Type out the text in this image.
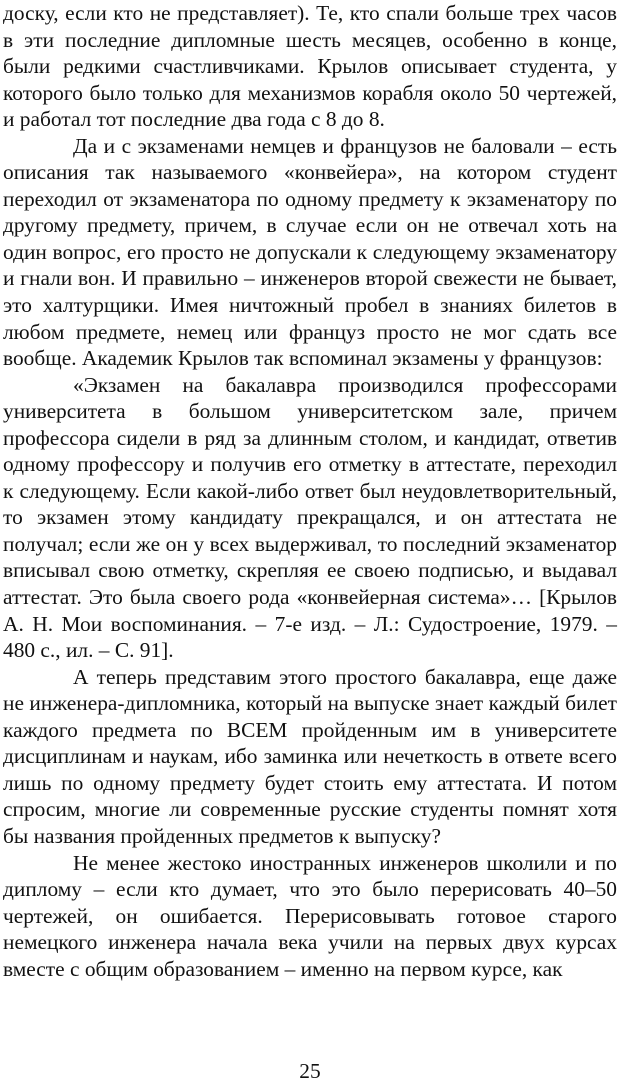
доску, если кто не представляет). Те, кто спали больше трех часов в эти последние дипломные шесть месяцев, особенно в конце, были редкими счастливчиками. Крылов описывает студента, у которого было только для механизмов корабля около 50 чертежей, и работал тот последние два года с 8 до 8.

Да и с экзаменами немцев и французов не баловали – есть описания так называемого «конвейера», на котором студент переходил от экзаменатора по одному предмету к экзаменатору по другому предмету, причем, в случае если он не отвечал хоть на один вопрос, его просто не допускали к следующему экзаменатору и гнали вон. И правильно – инженеров второй свежести не бывает, это халтурщики. Имея ничтожный пробел в знаниях билетов в любом предмете, немец или француз просто не мог сдать все вообще. Академик Крылов так вспоминал экзамены у французов:

«Экзамен на бакалавра производился профессорами университета в большом университетском зале, причем профессора сидели в ряд за длинным столом, и кандидат, ответив одному профессору и получив его отметку в аттестате, переходил к следующему. Если какой-либо ответ был неудовлетворительный, то экзамен этому кандидату прекращался, и он аттестата не получал; если же он у всех выдерживал, то последний экзаменатор вписывал свою отметку, скрепляя ее своею подписью, и выдавал аттестат. Это была своего рода «конвейерная система»… [Крылов А. Н. Мои воспоминания. – 7-е изд. – Л.: Судостроение, 1979. – 480 с., ил. – С. 91].

А теперь представим этого простого бакалавра, еще даже не инженера-дипломника, который на выпуске знает каждый билет каждого предмета по ВСЕМ пройденным им в университете дисциплинам и наукам, ибо заминка или нечеткость в ответе всего лишь по одному предмету будет стоить ему аттестата. И потом спросим, многие ли современные русские студенты помнят хотя бы названия пройденных предметов к выпуску?

Не менее жестоко иностранных инженеров школили и по диплому – если кто думает, что это было перерисовать 40–50 чертежей, он ошибается. Перерисовывать готовое старого немецкого инженера начала века учили на первых двух курсах вместе с общим образованием – именно на первом курсе, как

25
